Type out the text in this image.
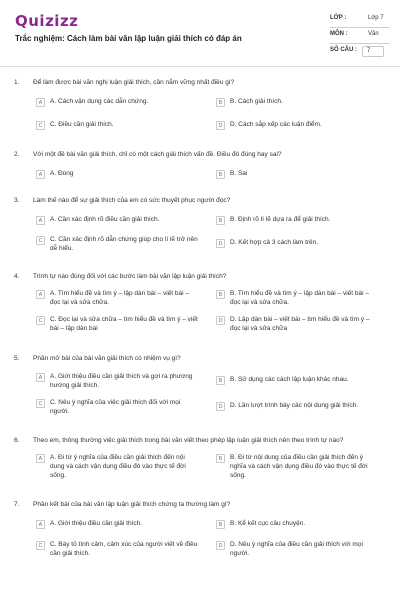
Quizizz
Trắc nghiệm: Cách làm bài văn lập luận giải thích có đáp án
LỚP :	Lớp 7
MÔN :	Văn
SỐ CÂU :	7
1. Để làm được bài văn nghị luận giải thích, cần nắm vững nhất điều gì?
A	A. Cách vận dụng các dẫn chứng.	B	B. Cách giải thích.
C	C. Điều cần giải thích.	D	D. Cách sắp xếp các luận điểm.
2. Với một đề bài văn giải thích, chỉ có một cách giải thích vấn đề. Điều đó đúng hay sai?
A	A. Đúng	B	B. Sai
3. Làm thế nào để sự giải thích của em có sức thuyết phục người đọc?
A	A. Cần xác định rõ điều cần giải thích.	B	B. Định rõ lí lẽ dựa ra để giải thích.
C	C. Cần xác định rõ dẫn chứng giúp cho lí lẽ trở nên dễ hiểu.
D	D. Kết hợp cả 3 cách làm trên.
4. Trình tự nào đúng đối với các bước làm bài văn lập luận giải thích?
A	A. Tìm hiểu đề và tìm ý – lập dàn bài – viết bài – đọc lại và sửa chữa.
B	B. Tìm hiểu đề và tìm ý – lập dàn bài – viết bài – đọc lại và sửa chữa.
C	C. Đọc lại và sửa chữa – tìm hiểu đề và tìm ý – viết bài – lập dàn bài
D	D. Lập dàn bài – viết bài – tìm hiểu đề và tìm ý – đọc lại và sửa chữa
5. Phần mở bài của bài văn giải thích có nhiệm vụ gì?
A	A. Giới thiệu điều cần giải thích và gợi ra phương hướng giải thích.
B	B. Sử dụng các cách lập luận khác nhau.
C	C. Nêu ý nghĩa của việc giải thích đối với mọi người.
D	D. Lần lượt trình bày các nội dung giải thích.
6. Theo em, thông thường việc giải thích trong bài văn viết theo phép lập luận giải thích nên theo trình tự nào?
A	A. Đi từ ý nghĩa của điều cần giải thích đến nội dung và cách vận dụng điều đó vào thực tế đời sống.
B	B. Đi từ nội dung của điều cần giải thích đến ý nghĩa và cách vận dụng điều đó vào thực tế đời sống.
7. Phần kết bài của bài văn lập luận giải thích chứng ta thường làm gì?
A	A. Giới thiệu điều cần giải thích.	B	B. Kể kết cục câu chuyện.
C	C. Bày tỏ tình cảm, cảm xúc của người viết về điều cần giải thích.
D	D. Nêu ý nghĩa của điều cần giải thích với mọi người.
